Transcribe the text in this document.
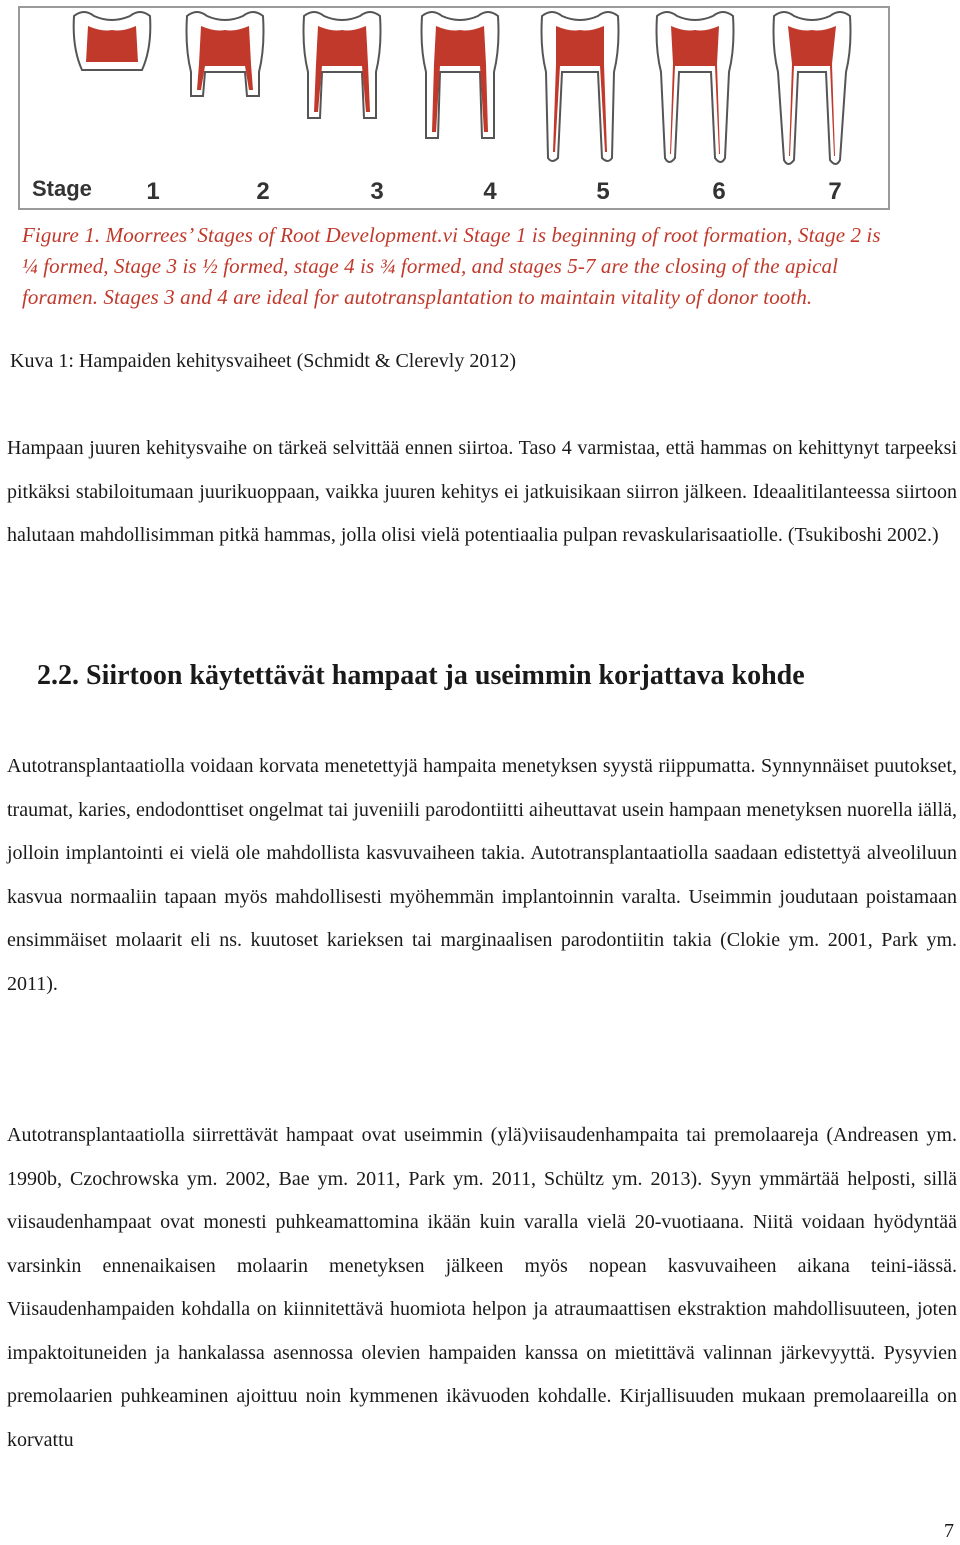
Stage	1	2	3	4	5	6	7
Figure 1. Moorrees’ Stages of Root Development.vi Stage 1 is beginning of root formation, Stage 2 is ¼ formed, Stage 3 is ½ formed, stage 4 is ¾ formed, and stages 5-7 are the closing of the apical foramen. Stages 3 and 4 are ideal for autotransplantation to maintain vitality of donor tooth.
Kuva 1: Hampaiden kehitysvaiheet (Schmidt & Clerevly 2012)

Hampaan juuren kehitysvaihe on tärkeä selvittää ennen siirtoa. Taso 4 varmistaa, että hammas on kehittynyt tarpeeksi pitkäksi stabiloitumaan juurikuoppaan, vaikka juuren kehitys ei jatkuisikaan siirron jälkeen. Ideaalitilanteessa siirtoon halutaan mahdollisimman pitkä hammas, jolla olisi vielä potentiaalia pulpan revaskularisaatiolle. (Tsukiboshi 2002.)

2.2. Siirtoon käytettävät hampaat ja useimmin korjattava kohde

Autotransplantaatiolla voidaan korvata menetettyjä hampaita menetyksen syystä riippumatta. Synnynnäiset puutokset, traumat, karies, endodonttiset ongelmat tai juveniili parodontiitti aiheuttavat usein hampaan menetyksen nuorella iällä, jolloin implantointi ei vielä ole mahdollista kasvuvaiheen takia. Autotransplantaatiolla saadaan edistettyä alveoliluun kasvua normaaliin tapaan myös mahdollisesti myöhemmän implantoinnin varalta. Useimmin joudutaan poistamaan ensimmäiset molaarit eli ns. kuutoset karieksen tai marginaalisen parodontiitin takia (Clokie ym. 2001, Park ym. 2011).

Autotransplantaatiolla siirrettävät hampaat ovat useimmin (ylä)viisaudenhampaita tai premolaareja (Andreasen ym. 1990b, Czochrowska ym. 2002, Bae ym. 2011, Park ym. 2011, Schültz ym. 2013). Syyn ymmärtää helposti, sillä viisaudenhampaat ovat monesti puhkeamattomina ikään kuin varalla vielä 20-vuotiaana. Niitä voidaan hyödyntää varsinkin ennenaikaisen molaarin menetyksen jälkeen myös nopean kasvuvaiheen aikana teini-iässä. Viisaudenhampaiden kohdalla on kiinnitettävä huomiota helpon ja atraumaattisen ekstraktion mahdollisuuteen, joten impaktoituneiden ja hankalassa asennossa olevien hampaiden kanssa on mietittävä valinnan järkevyyttä. Pysyvien premolaarien puhkeaminen ajoittuu noin kymmenen ikävuoden kohdalle. Kirjallisuuden mukaan premolaareilla on korvattu

7
